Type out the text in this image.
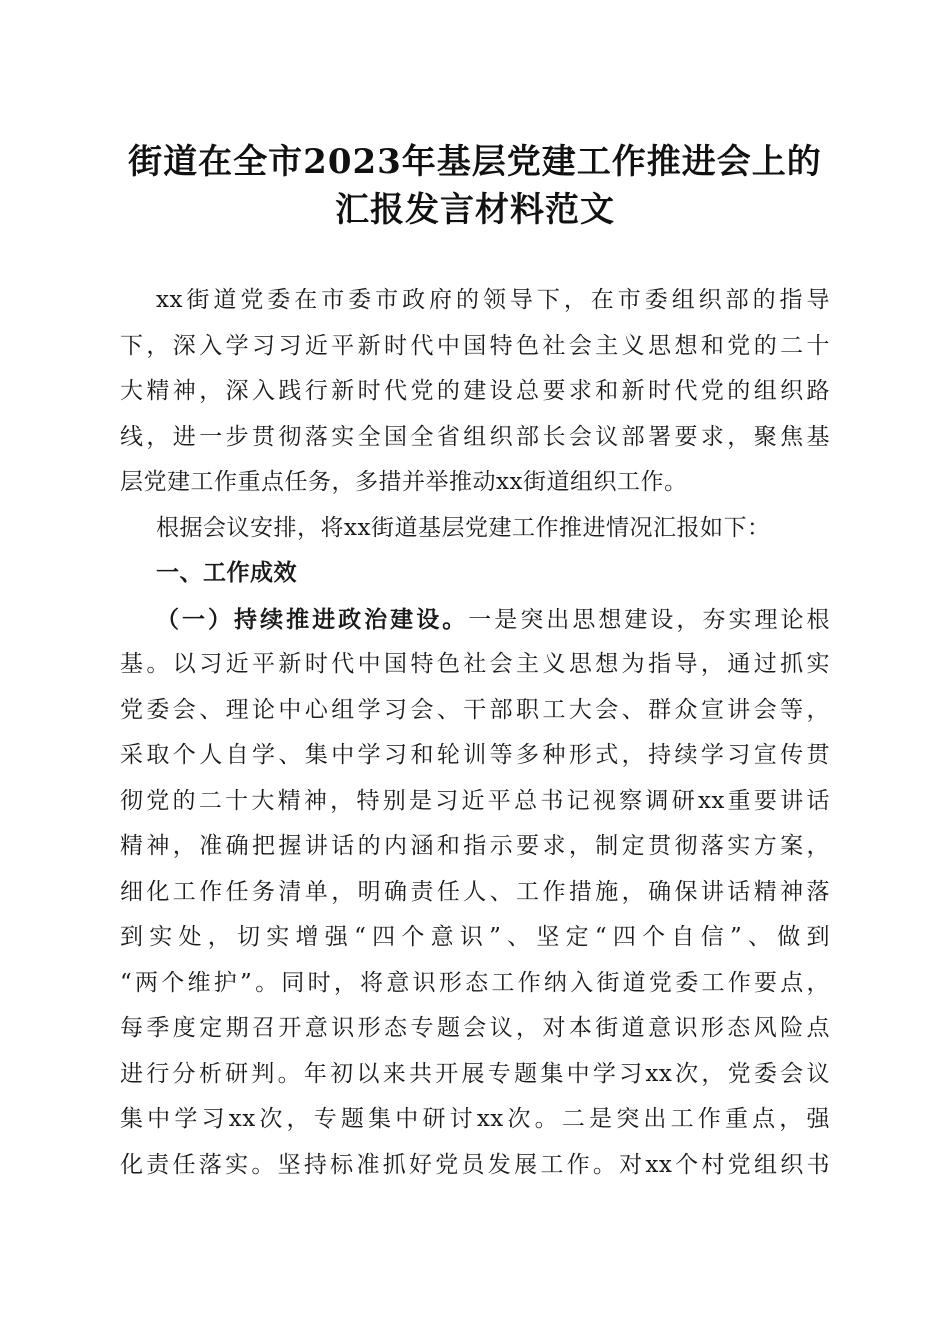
街道在全市2023年基层党建工作推进会上的
汇报发言材料范文
xx街道党委在市委市政府的领导下，在市委组织部的指导
下，深入学习习近平新时代中国特色社会主义思想和党的二十
大精神，深入践行新时代党的建设总要求和新时代党的组织路
线，进一步贯彻落实全国全省组织部长会议部署要求，聚焦基
层党建工作重点任务，多措并举推动xx街道组织工作。
根据会议安排，将xx街道基层党建工作推进情况汇报如下：
一、工作成效
（一）持续推进政治建设。一是突出思想建设，夯实理论根
基。以习近平新时代中国特色社会主义思想为指导，通过抓实
党委会、理论中心组学习会、干部职工大会、群众宣讲会等，
采取个人自学、集中学习和轮训等多种形式，持续学习宣传贯
彻党的二十大精神，特别是习近平总书记视察调研xx重要讲话
精神，准确把握讲话的内涵和指示要求，制定贯彻落实方案，
细化工作任务清单，明确责任人、工作措施，确保讲话精神落
到实处，切实增强“四个意识”、坚定“四个自信”、做到
“两个维护”。同时，将意识形态工作纳入街道党委工作要点，
每季度定期召开意识形态专题会议，对本街道意识形态风险点
进行分析研判。年初以来共开展专题集中学习xx次，党委会议
集中学习xx次，专题集中研讨xx次。二是突出工作重点，强
化责任落实。坚持标准抓好党员发展工作。对xx个村党组织书
